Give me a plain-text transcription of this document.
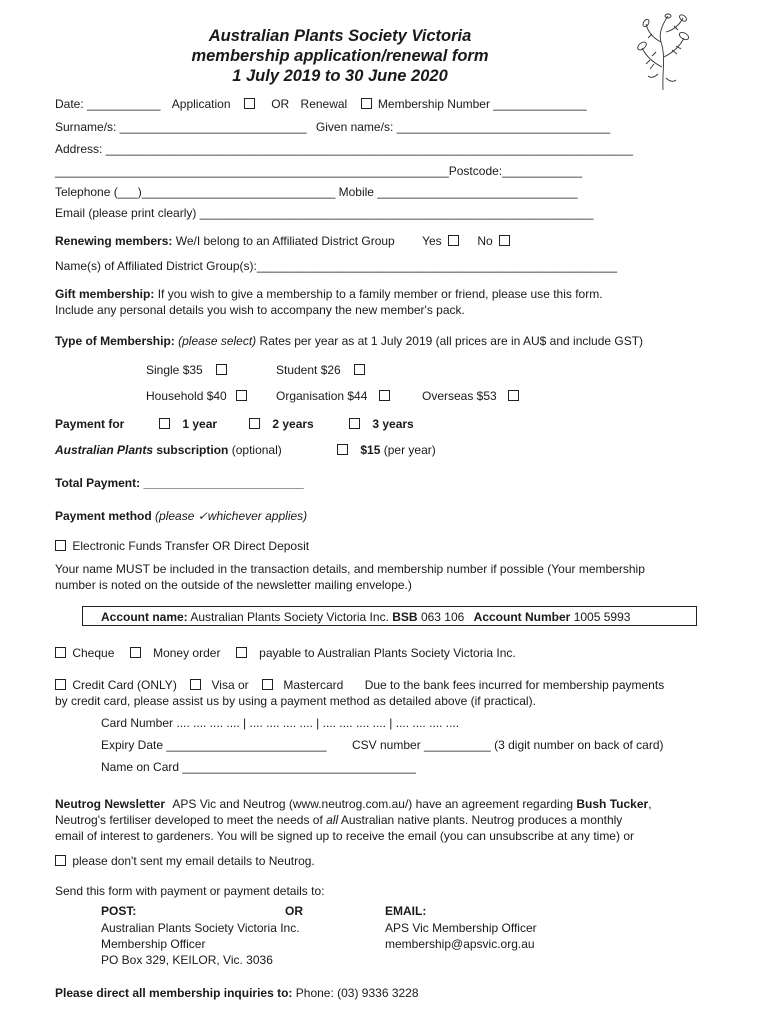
Australian Plants Society Victoria
membership application/renewal form
1 July 2019 to 30 June 2020
Date: ___________ Application	OR Renewal	Membership Number ______________
Surname/s: ____________________________ Given name/s: ________________________________
Address: _______________________________________________________________________________
___________________________________________________________Postcode:____________
Telephone (___)_____________________________ Mobile ______________________________
Email (please print clearly) ___________________________________________________________
Renewing members: We/I belong to an Affiliated District Group Yes	No
Name(s) of Affiliated District Group(s):______________________________________________________
Gift membership: If you wish to give a membership to a family member or friend, please use this form.
Include any personal details you wish to accompany the new member's pack.
Type of Membership: (please select) Rates per year as at 1 July 2019 (all prices are in AU$ and include GST)
Single $35	Student $26
Household $40	Organisation $44	Overseas $53
Payment for	1 year	2 years	3 years
Australian Plants subscription (optional)	$15 (per year)
Total Payment: ________________________
Payment method (please ✓whichever applies)
Electronic Funds Transfer OR Direct Deposit
Your name MUST be included in the transaction details, and membership number if possible (Your membership
number is noted on the outside of the newsletter mailing envelope.)
Account name: Australian Plants Society Victoria Inc. BSB 063 106 Account Number 1005 5993
Cheque	Money order	payable to Australian Plants Society Victoria Inc.
Credit Card (ONLY)	Visa or	Mastercard Due to the bank fees incurred for membership payments
by credit card, please assist us by using a payment method as detailed above (if practical).
Card Number .... .... .... .... | .... .... .... .... | .... .... .... .... | .... .... .... ....
Expiry Date ________________________ CSV number __________ (3 digit number on back of card)
Name on Card ___________________________________
Neutrog Newsletter APS Vic and Neutrog (www.neutrog.com.au/) have an agreement regarding Bush Tucker,
Neutrog's fertiliser developed to meet the needs of all Australian native plants. Neutrog produces a monthly
email of interest to gardeners. You will be signed up to receive the email (you can unsubscribe at any time) or
please don't sent my email details to Neutrog.
Send this form with payment or payment details to:
POST:	OR	EMAIL:
Australian Plants Society Victoria Inc.
Membership Officer
PO Box 329, KEILOR, Vic. 3036
APS Vic Membership Officer
membership@apsvic.org.au
Please direct all membership inquiries to: Phone: (03) 9336 3228
